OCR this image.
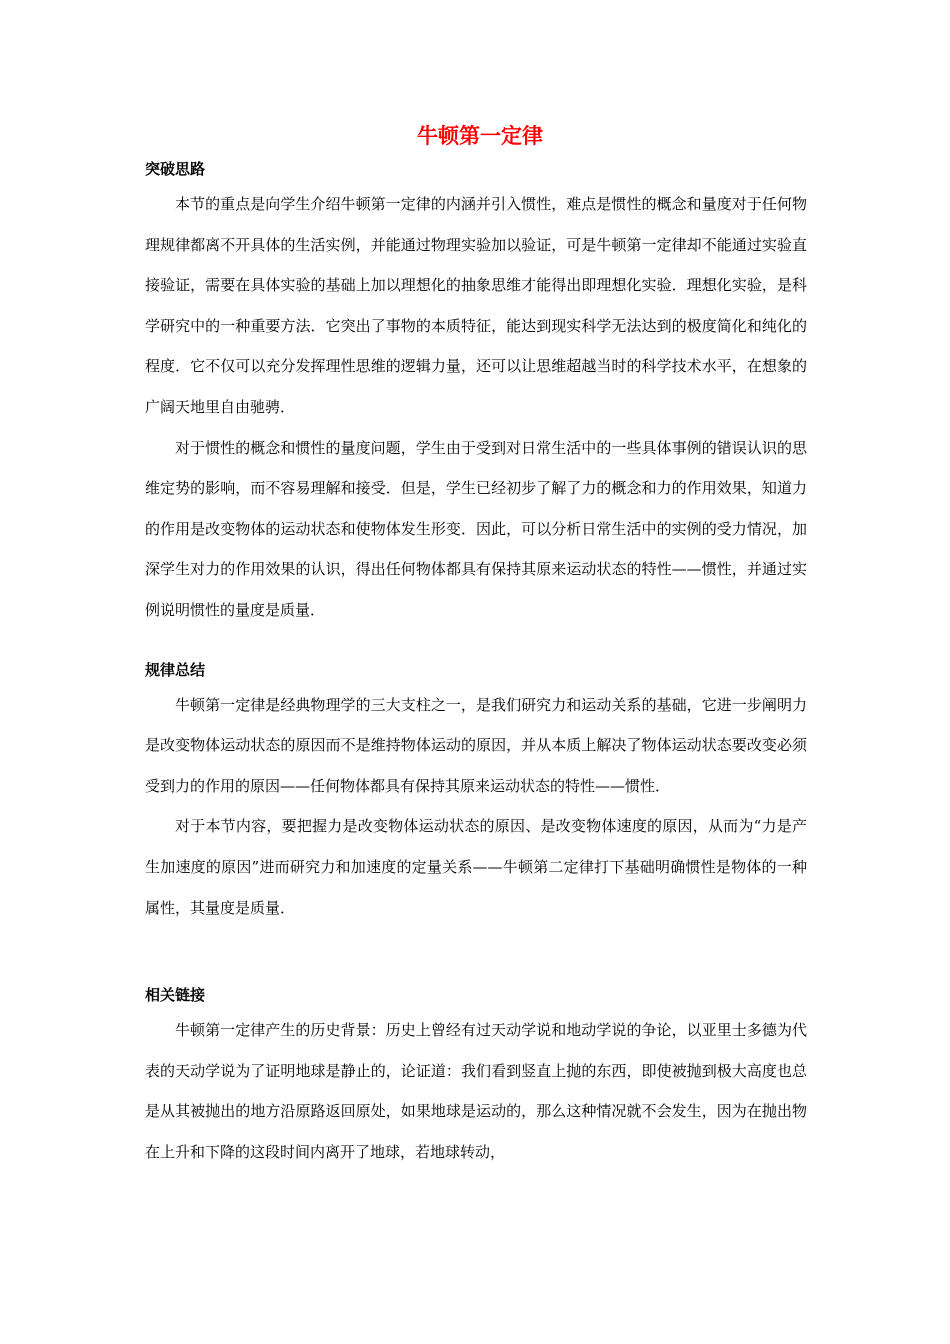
牛顿第一定律
突破思路

本节的重点是向学生介绍牛顿第一定律的内涵并引入惯性，难点是惯性的概念和量度对于任何物理规律都离不开具体的生活实例，并能通过物理实验加以验证，可是牛顿第一定律却不能通过实验直接验证，需要在具体实验的基础上加以理想化的抽象思维才能得出即理想化实验．理想化实验，是科学研究中的一种重要方法．它突出了事物的本质特征，能达到现实科学无法达到的极度简化和纯化的程度．它不仅可以充分发挥理性思维的逻辑力量，还可以让思维超越当时的科学技术水平，在想象的广阔天地里自由驰骋．

对于惯性的概念和惯性的量度问题，学生由于受到对日常生活中的一些具体事例的错误认识的思维定势的影响，而不容易理解和接受．但是，学生已经初步了解了力的概念和力的作用效果，知道力的作用是改变物体的运动状态和使物体发生形变．因此，可以分析日常生活中的实例的受力情况，加深学生对力的作用效果的认识，得出任何物体都具有保持其原来运动状态的特性——惯性，并通过实例说明惯性的量度是质量．

规律总结

牛顿第一定律是经典物理学的三大支柱之一，是我们研究力和运动关系的基础，它进一步阐明力是改变物体运动状态的原因而不是维持物体运动的原因，并从本质上解决了物体运动状态要改变必须受到力的作用的原因——任何物体都具有保持其原来运动状态的特性——惯性．

对于本节内容，要把握力是改变物体运动状态的原因、是改变物体速度的原因，从而为“力是产生加速度的原因”进而研究力和加速度的定量关系——牛顿第二定律打下基础明确惯性是物体的一种属性，其量度是质量．

相关链接

牛顿第一定律产生的历史背景：历史上曾经有过天动学说和地动学说的争论，以亚里士多德为代表的天动学说为了证明地球是静止的，论证道：我们看到竖直上抛的东西，即使被抛到极大高度也总是从其被抛出的地方沿原路返回原处，如果地球是运动的，那么这种情况就不会发生，因为在抛出物在上升和下降的这段时间内离开了地球，若地球转动，
